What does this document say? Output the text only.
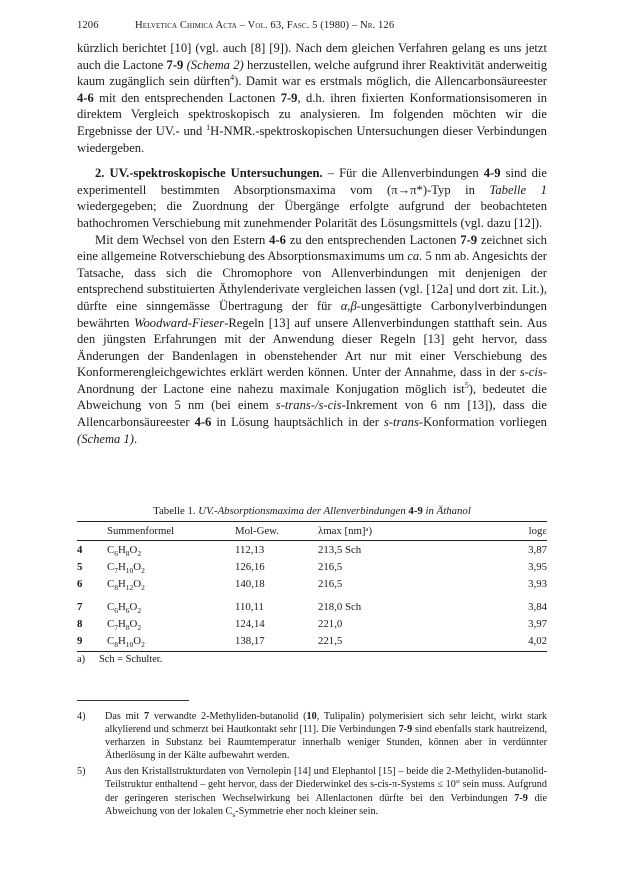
1206	Helvetica Chimica Acta – Vol. 63, Fasc. 5 (1980) – Nr. 126

kürzlich berichtet [10] (vgl. auch [8] [9]). Nach dem gleichen Verfahren gelang es uns jetzt auch die Lactone 7-9 (Schema 2) herzustellen, welche aufgrund ihrer Reaktivität anderweitig kaum zugänglich sein dürften$^4$). Damit war es erstmals möglich, die Allencarbonsäureester 4-6 mit den entsprechenden Lactonen 7-9, d.h. ihren fixierten Konformationsisomeren in direktem Vergleich spektroskopisch zu analysieren. Im folgenden möchten wir die Ergebnisse der UV.- und $^1$H-NMR.-spektroskopischen Untersuchungen dieser Verbindungen wiedergeben.

2. UV.-spektroskopische Untersuchungen. – Für die Allenverbindungen 4-9 sind die experimentell bestimmten Absorptionsmaxima vom (π→π*)-Typ in Tabelle 1 wiedergegeben; die Zuordnung der Übergänge erfolgte aufgrund der beobachteten bathochromen Verschiebung mit zunehmender Polarität des Lösungsmittels (vgl. dazu [12]).

Mit dem Wechsel von den Estern 4-6 zu den entsprechenden Lactonen 7-9 zeichnet sich eine allgemeine Rotverschiebung des Absorptionsmaximums um ca. 5 nm ab. Angesichts der Tatsache, dass sich die Chromophore von Allenverbindungen mit denjenigen der entsprechend substituierten Äthylenderivate vergleichen lassen (vgl. [12a] und dort zit. Lit.), dürfte eine sinngemässe Übertragung der für α,β-ungesättigte Carbonylverbindungen bewährten Woodward-Fieser-Regeln [13] auf unsere Allenverbindungen statthaft sein. Aus den jüngsten Erfahrungen mit der Anwendung dieser Regeln [13] geht hervor, dass Änderungen der Bandenlagen in obenstehender Art nur mit einer Verschiebung des Konformerengleichgewichtes erklärt werden können. Unter der Annahme, dass in der s-cis-Anordnung der Lactone eine nahezu maximale Konjugation möglich ist$^5$), bedeutet die Abweichung von 5 nm (bei einem s-trans-/s-cis-Inkrement von 6 nm [13]), dass die Allencarbonsäureester 4-6 in Lösung hauptsächlich in der s-trans-Konformation vorliegen (Schema 1).

Tabelle 1. UV.-Absorptionsmaxima der Allenverbindungen 4-9 in Äthanol
	Summenformel	Mol-Gew.	λmax [nm]ᵃ)	logε
4	$C_6H_8O_2$	112,13	213,5 Sch	3,87
5	$C_7H_{10}O_2$	126,16	216,5	3,95
6	$C_8H_{12}O_2$	140,18	216,5	3,93

7	$C_6H_6O_2$	110,11	218,0 Sch	3,84
8	$C_7H_8O_2$	124,14	221,0	3,97
9	$C_8H_{10}O_2$	138,17	221,5	4,02
a) Sch = Schulter.
4) Das mit 7 verwandte 2-Methyliden-butanolid (10, Tulipalin) polymerisiert sich sehr leicht, wirkt stark alkylierend und schmerzt bei Hautkontakt sehr [11]. Die Verbindungen 7-9 sind ebenfalls stark hautreizend, verharzen in Substanz bei Raumtemperatur innerhalb weniger Stunden, können aber in verdünnter Ätherlösung in der Kälte aufbewahrt werden.
5) Aus den Kristallstrukturdaten von Vernolepin [14] und Elephantol [15] – beide die 2-Methyliden-butanolid-Teilstruktur enthaltend – geht hervor, dass der Diederwinkel des s-cis-π-Systems ≤ 10° sein muss. Aufgrund der geringeren sterischen Wechselwirkung bei Allenlactonen dürfte bei den Verbindungen 7-9 die Abweichung von der lokalen $C_s$-Symmetrie eher noch kleiner sein.
